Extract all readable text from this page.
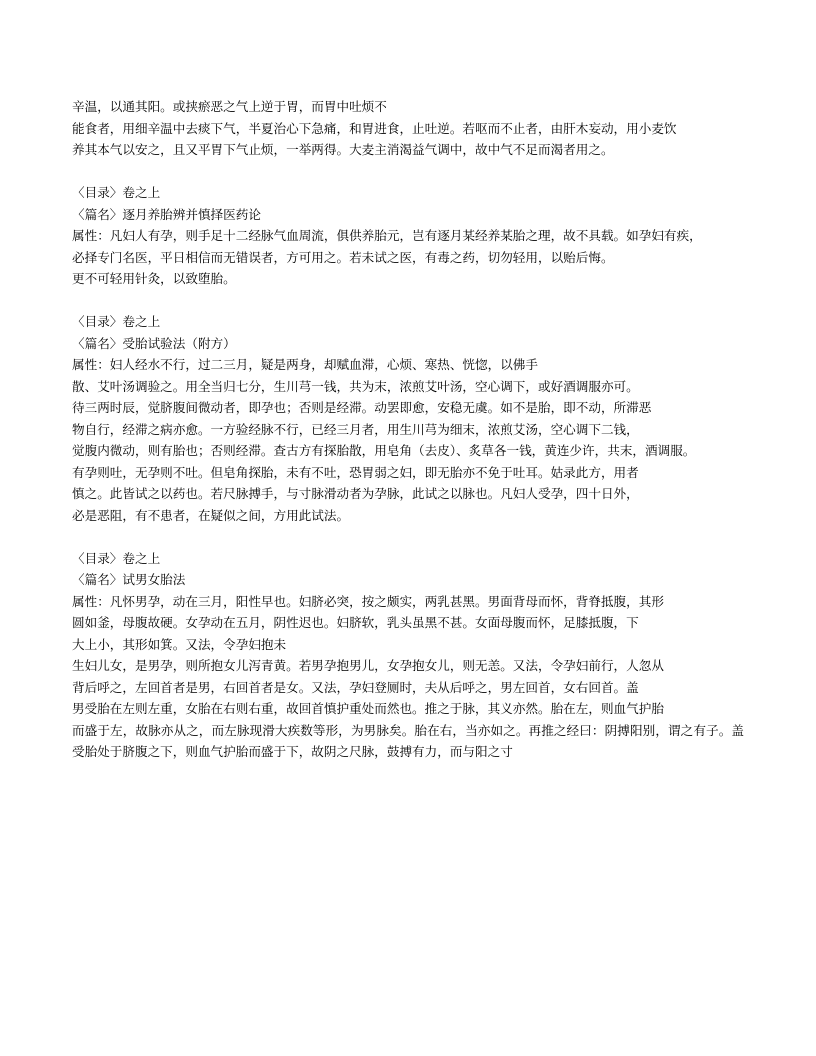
辛温，以通其阳。或挟瘀恶之气上逆于胃，而胃中吐烦不

能食者，用细辛温中去痰下气，半夏治心下急痛，和胃进食，止吐逆。若呕而不止者，由肝木妄动，用小麦饮

养其本气以安之，且又平胃下气止烦，一举两得。大麦主消渴益气调中，故中气不足而渴者用之。

〈目录〉卷之上

〈篇名〉逐月养胎辨并慎择医药论

属性：凡妇人有孕，则手足十二经脉气血周流，俱供养胎元，岂有逐月某经养某胎之理，故不具载。如孕妇有疾，

必择专门名医，平日相信而无错误者，方可用之。若未试之医，有毒之药，切勿轻用，以贻后悔。

更不可轻用针灸，以致堕胎。

〈目录〉卷之上

〈篇名〉受胎试验法（附方）

属性：妇人经水不行，过二三月，疑是两身，却赋血滞，心烦、寒热、恍惚，以佛手

散、艾叶汤调验之。用全当归七分，生川芎一钱，共为末，浓煎艾叶汤，空心调下，或好酒调服亦可。

待三两时辰，觉脐腹间微动者，即孕也；否则是经滞。动罢即愈，安稳无虞。如不是胎，即不动，所滞恶

物自行，经滞之病亦愈。一方验经脉不行，已经三月者，用生川芎为细末，浓煎艾汤，空心调下二钱，

觉腹内微动，则有胎也；否则经滞。查古方有探胎散，用皂角（去皮）、炙草各一钱，黄连少许，共末，酒调服。

有孕则吐，无孕则不吐。但皂角探胎，未有不吐，恐胃弱之妇，即无胎亦不免于吐耳。姑录此方，用者

慎之。此皆试之以药也。若尺脉搏手，与寸脉滑动者为孕脉，此试之以脉也。凡妇人受孕，四十日外，

必是恶阻，有不患者，在疑似之间，方用此试法。

〈目录〉卷之上

〈篇名〉试男女胎法

属性：凡怀男孕，动在三月，阳性早也。妇脐必突，按之颇实，两乳甚黑。男面背母而怀，背脊抵腹，其形

圆如釜，母腹故硬。女孕动在五月，阴性迟也。妇脐软，乳头虽黑不甚。女面母腹而怀，足膝抵腹，下

大上小，其形如箕。又法，令孕妇抱未

生妇儿女，是男孕，则所抱女儿泻青黄。若男孕抱男儿，女孕抱女儿，则无恙。又法，令孕妇前行，人忽从

背后呼之，左回首者是男，右回首者是女。又法，孕妇登厕时，夫从后呼之，男左回首，女右回首。盖

男受胎在左则左重，女胎在右则右重，故回首慎护重处而然也。推之于脉，其义亦然。胎在左，则血气护胎

而盛于左，故脉亦从之，而左脉现滑大疾数等形，为男脉矣。胎在右，当亦如之。再推之经曰：阴搏阳别，谓之有子。盖受胎处于脐腹之下，则血气护胎而盛于下，故阴之尺脉，鼓搏有力，而与阳之寸
